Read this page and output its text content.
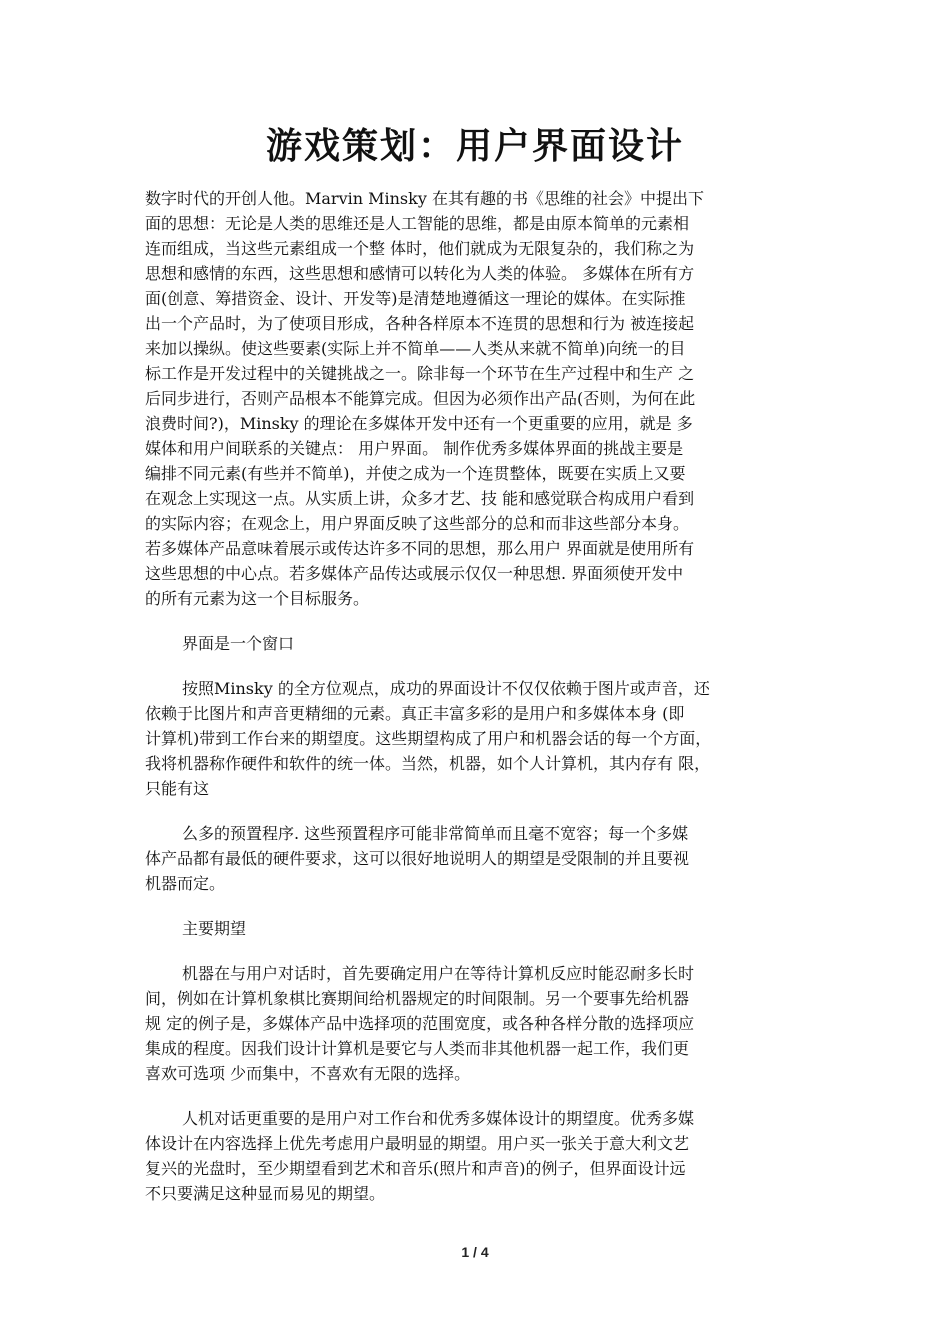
游戏策划：用户界面设计

数字时代的开创人他。Marvin Minsky 在其有趣的书《思维的社会》中提出下
面的思想：无论是人类的思维还是人工智能的思维，都是由原本简单的元素相
连而组成，当这些元素组成一个整 体时，他们就成为无限复杂的，我们称之为
思想和感情的东西，这些思想和感情可以转化为人类的体验。 多媒体在所有方
面(创意、筹措资金、设计、开发等)是清楚地遵循这一理论的媒体。在实际推
出一个产品时，为了使项目形成，各种各样原本不连贯的思想和行为 被连接起
来加以操纵。使这些要素(实际上并不简单——人类从来就不简单)向统一的目
标工作是开发过程中的关键挑战之一。除非每一个环节在生产过程中和生产 之
后同步进行，否则产品根本不能算完成。但因为必须作出产品(否则，为何在此
浪费时间?)，Minsky 的理论在多媒体开发中还有一个更重要的应用，就是 多
媒体和用户间联系的关键点： 用户界面。 制作优秀多媒体界面的挑战主要是
编排不同元素(有些并不简单)，并使之成为一个连贯整体，既要在实质上又要
在观念上实现这一点。从实质上讲，众多才艺、技 能和感觉联合构成用户看到
的实际内容；在观念上，用户界面反映了这些部分的总和而非这些部分本身。
若多媒体产品意味着展示或传达许多不同的思想，那么用户 界面就是使用所有
这些思想的中心点。若多媒体产品传达或展示仅仅一种思想. 界面须使开发中
的所有元素为这一个目标服务。

界面是一个窗口

按照Minsky 的全方位观点，成功的界面设计不仅仅依赖于图片或声音，还
依赖于比图片和声音更精细的元素。真正丰富多彩的是用户和多媒体本身 (即
计算机)带到工作台来的期望度。这些期望构成了用户和机器会话的每一个方面，
我将机器称作硬件和软件的统一体。当然，机器，如个人计算机，其内存有 限，
只能有这

么多的预置程序. 这些预置程序可能非常简单而且毫不宽容；每一个多媒
体产品都有最低的硬件要求，这可以很好地说明人的期望是受限制的并且要视
机器而定。

主要期望

机器在与用户对话时，首先要确定用户在等待计算机反应时能忍耐多长时
间，例如在计算机象棋比赛期间给机器规定的时间限制。另一个要事先给机器
规 定的例子是，多媒体产品中选择项的范围宽度，或各种各样分散的选择项应
集成的程度。因我们设计计算机是要它与人类而非其他机器一起工作，我们更
喜欢可选项 少而集中，不喜欢有无限的选择。

人机对话更重要的是用户对工作台和优秀多媒体设计的期望度。优秀多媒
体设计在内容选择上优先考虑用户最明显的期望。用户买一张关于意大利文艺
复兴的光盘时，至少期望看到艺术和音乐(照片和声音)的例子，但界面设计远
不只要满足这种显而易见的期望。

1 / 4
